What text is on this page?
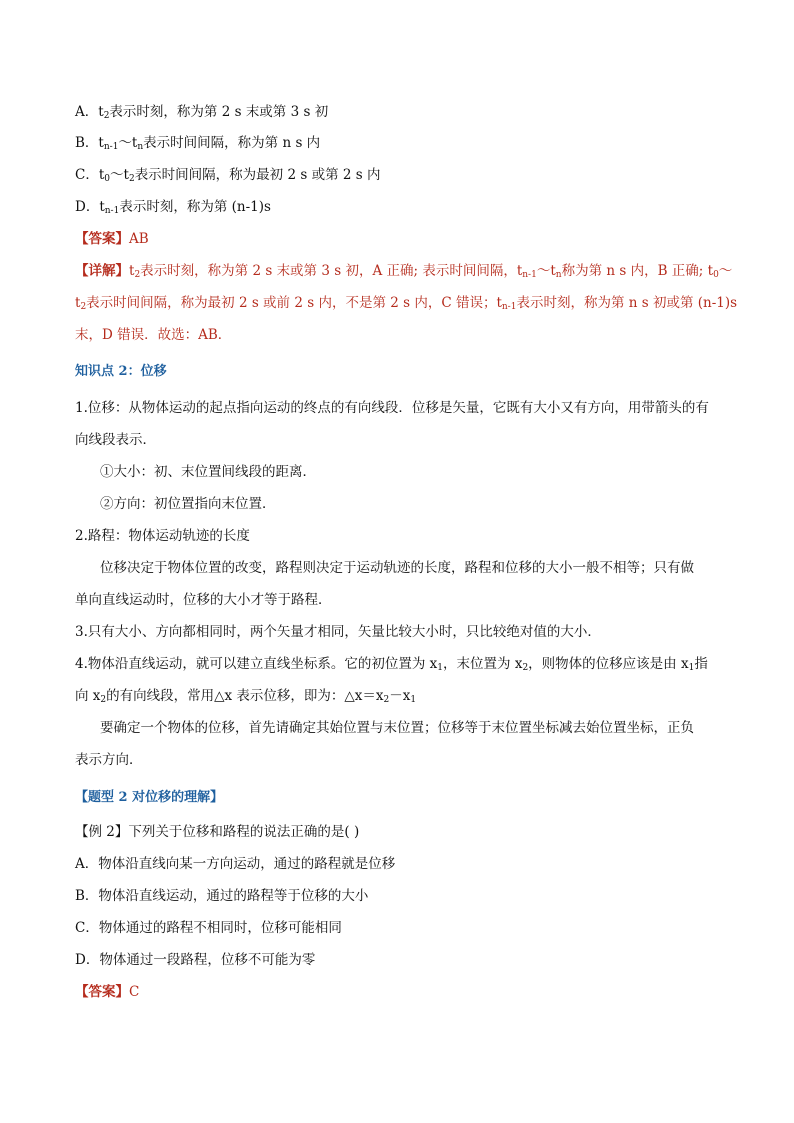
A．$t_2$表示时刻，称为第 2 s 末或第 3 s 初
B．$t_{n-1}\sim t_n$表示时间间隔，称为第 n s 内
C．$t_0\sim t_2$表示时间间隔，称为最初 2 s 或第 2 s 内
D．$t_{n-1}$表示时刻，称为第 (n-1)s
【答案】AB
【详解】$t_2$表示时刻，称为第 2 s 末或第 3 s 初，A 正确; 表示时间间隔，$t_{n-1}\sim t_n$称为第 n s 内，B 正确; $t_0\sim$
$t_2$表示时间间隔，称为最初 2 s 或前 2 s 内，不是第 2 s 内，C 错误；$t_{n-1}$表示时刻，称为第 n s 初或第 (n-1)s
末，D 错误．故选：AB．
知识点 2：位移
1.位移：从物体运动的起点指向运动的终点的有向线段．位移是矢量，它既有大小又有方向，用带箭头的有
向线段表示．
①大小：初、末位置间线段的距离．
②方向：初位置指向末位置．
2.路程：物体运动轨迹的长度
位移决定于物体位置的改变，路程则决定于运动轨迹的长度，路程和位移的大小一般不相等；只有做
单向直线运动时，位移的大小才等于路程．
3.只有大小、方向都相同时，两个矢量才相同，矢量比较大小时，只比较绝对值的大小．
4.物体沿直线运动，就可以建立直线坐标系。它的初位置为 $x_1$，末位置为 $x_2$，则物体的位移应该是由 $x_1$指
向 $x_2$的有向线段，常用△x 表示位移，即为：$\triangle x=x_2-x_1$
要确定一个物体的位移，首先请确定其始位置与末位置；位移等于末位置坐标减去始位置坐标，正负
表示方向．
【题型 2 对位移的理解】
【例 2】下列关于位移和路程的说法正确的是( )
A．物体沿直线向某一方向运动，通过的路程就是位移
B．物体沿直线运动，通过的路程等于位移的大小
C．物体通过的路程不相同时，位移可能相同
D．物体通过一段路程，位移不可能为零
【答案】C
